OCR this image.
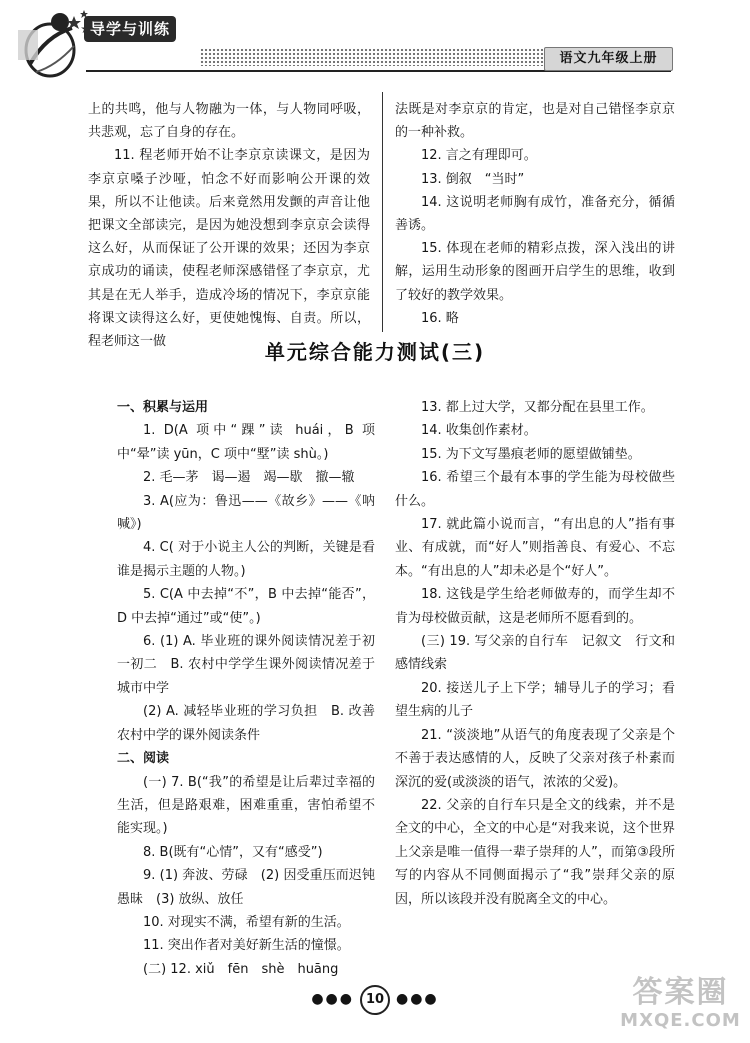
导学与训练
语文九年级上册

上的共鸣，他与人物融为一体，与人物同呼吸，共悲观，忘了自身的存在。

11. 程老师开始不让李京京读课文，是因为李京京嗓子沙哑，怕念不好而影响公开课的效果，所以不让他读。后来竟然用发颤的声音让他把课文全部读完，是因为她没想到李京京会读得这么好，从而保证了公开课的效果；还因为李京京成功的诵读，使程老师深感错怪了李京京，尤其是在无人举手，造成冷场的情况下，李京京能将课文读得这么好，更使她愧悔、自责。所以，程老师这一做

法既是对李京京的肯定，也是对自己错怪李京京的一种补救。

12. 言之有理即可。

13. 倒叙　“当时”

14. 这说明老师胸有成竹，准备充分，循循善诱。

15. 体现在老师的精彩点拨，深入浅出的讲解，运用生动形象的图画开启学生的思维，收到了较好的教学效果。

16. 略

单元综合能力测试(三)

一、积累与运用

1. D(A 项中“踝”读 huái，B 项中“晕”读 yūn，C 项中“墅”读 shù。)

2. 毛—茅　谒—遏　竭—歇　撤—辙

3. A(应为：鲁迅——《故乡》——《呐喊》)

4. C( 对于小说主人公的判断，关键是看谁是揭示主题的人物。)

5. C(A 中去掉“不”，B 中去掉“能否”，D 中去掉“通过”或“使”。)

6. (1) A. 毕业班的课外阅读情况差于初一初二　B. 农村中学学生课外阅读情况差于城市中学

(2) A. 减轻毕业班的学习负担　B. 改善农村中学的课外阅读条件

二、阅读

(一) 7. B(“我”的希望是让后辈过幸福的生活，但是路艰难，困难重重，害怕希望不能实现。)

8. B(既有“心情”，又有“感受”)

9. (1) 奔波、劳碌　(2) 因受重压而迟钝愚昧　(3) 放纵、放任

10. 对现实不满，希望有新的生活。

11. 突出作者对美好新生活的憧憬。

(二) 12. xiǔ　fēn　shè　huāng

13. 都上过大学，又都分配在县里工作。

14. 收集创作素材。

15. 为下文写墨痕老师的愿望做铺垫。

16. 希望三个最有本事的学生能为母校做些什么。

17. 就此篇小说而言，“有出息的人”指有事业、有成就，而“好人”则指善良、有爱心、不忘本。“有出息的人”却未必是个“好人”。

18. 这钱是学生给老师做寿的，而学生却不肯为母校做贡献，这是老师所不愿看到的。

(三) 19. 写父亲的自行车　记叙文　行文和感情线索

20. 接送儿子上下学；辅导儿子的学习；看望生病的儿子

21. “淡淡地”从语气的角度表现了父亲是个不善于表达感情的人，反映了父亲对孩子朴素而深沉的爱(或淡淡的语气，浓浓的父爱)。

22. 父亲的自行车只是全文的线索，并不是全文的中心，全文的中心是“对我来说，这个世界上父亲是唯一值得一辈子崇拜的人”，而第③段所写的内容从不同侧面揭示了“我”崇拜父亲的原因，所以该段并没有脱离全文的中心。

●●● 10 ●●●	答案圈
MXQE.COM
